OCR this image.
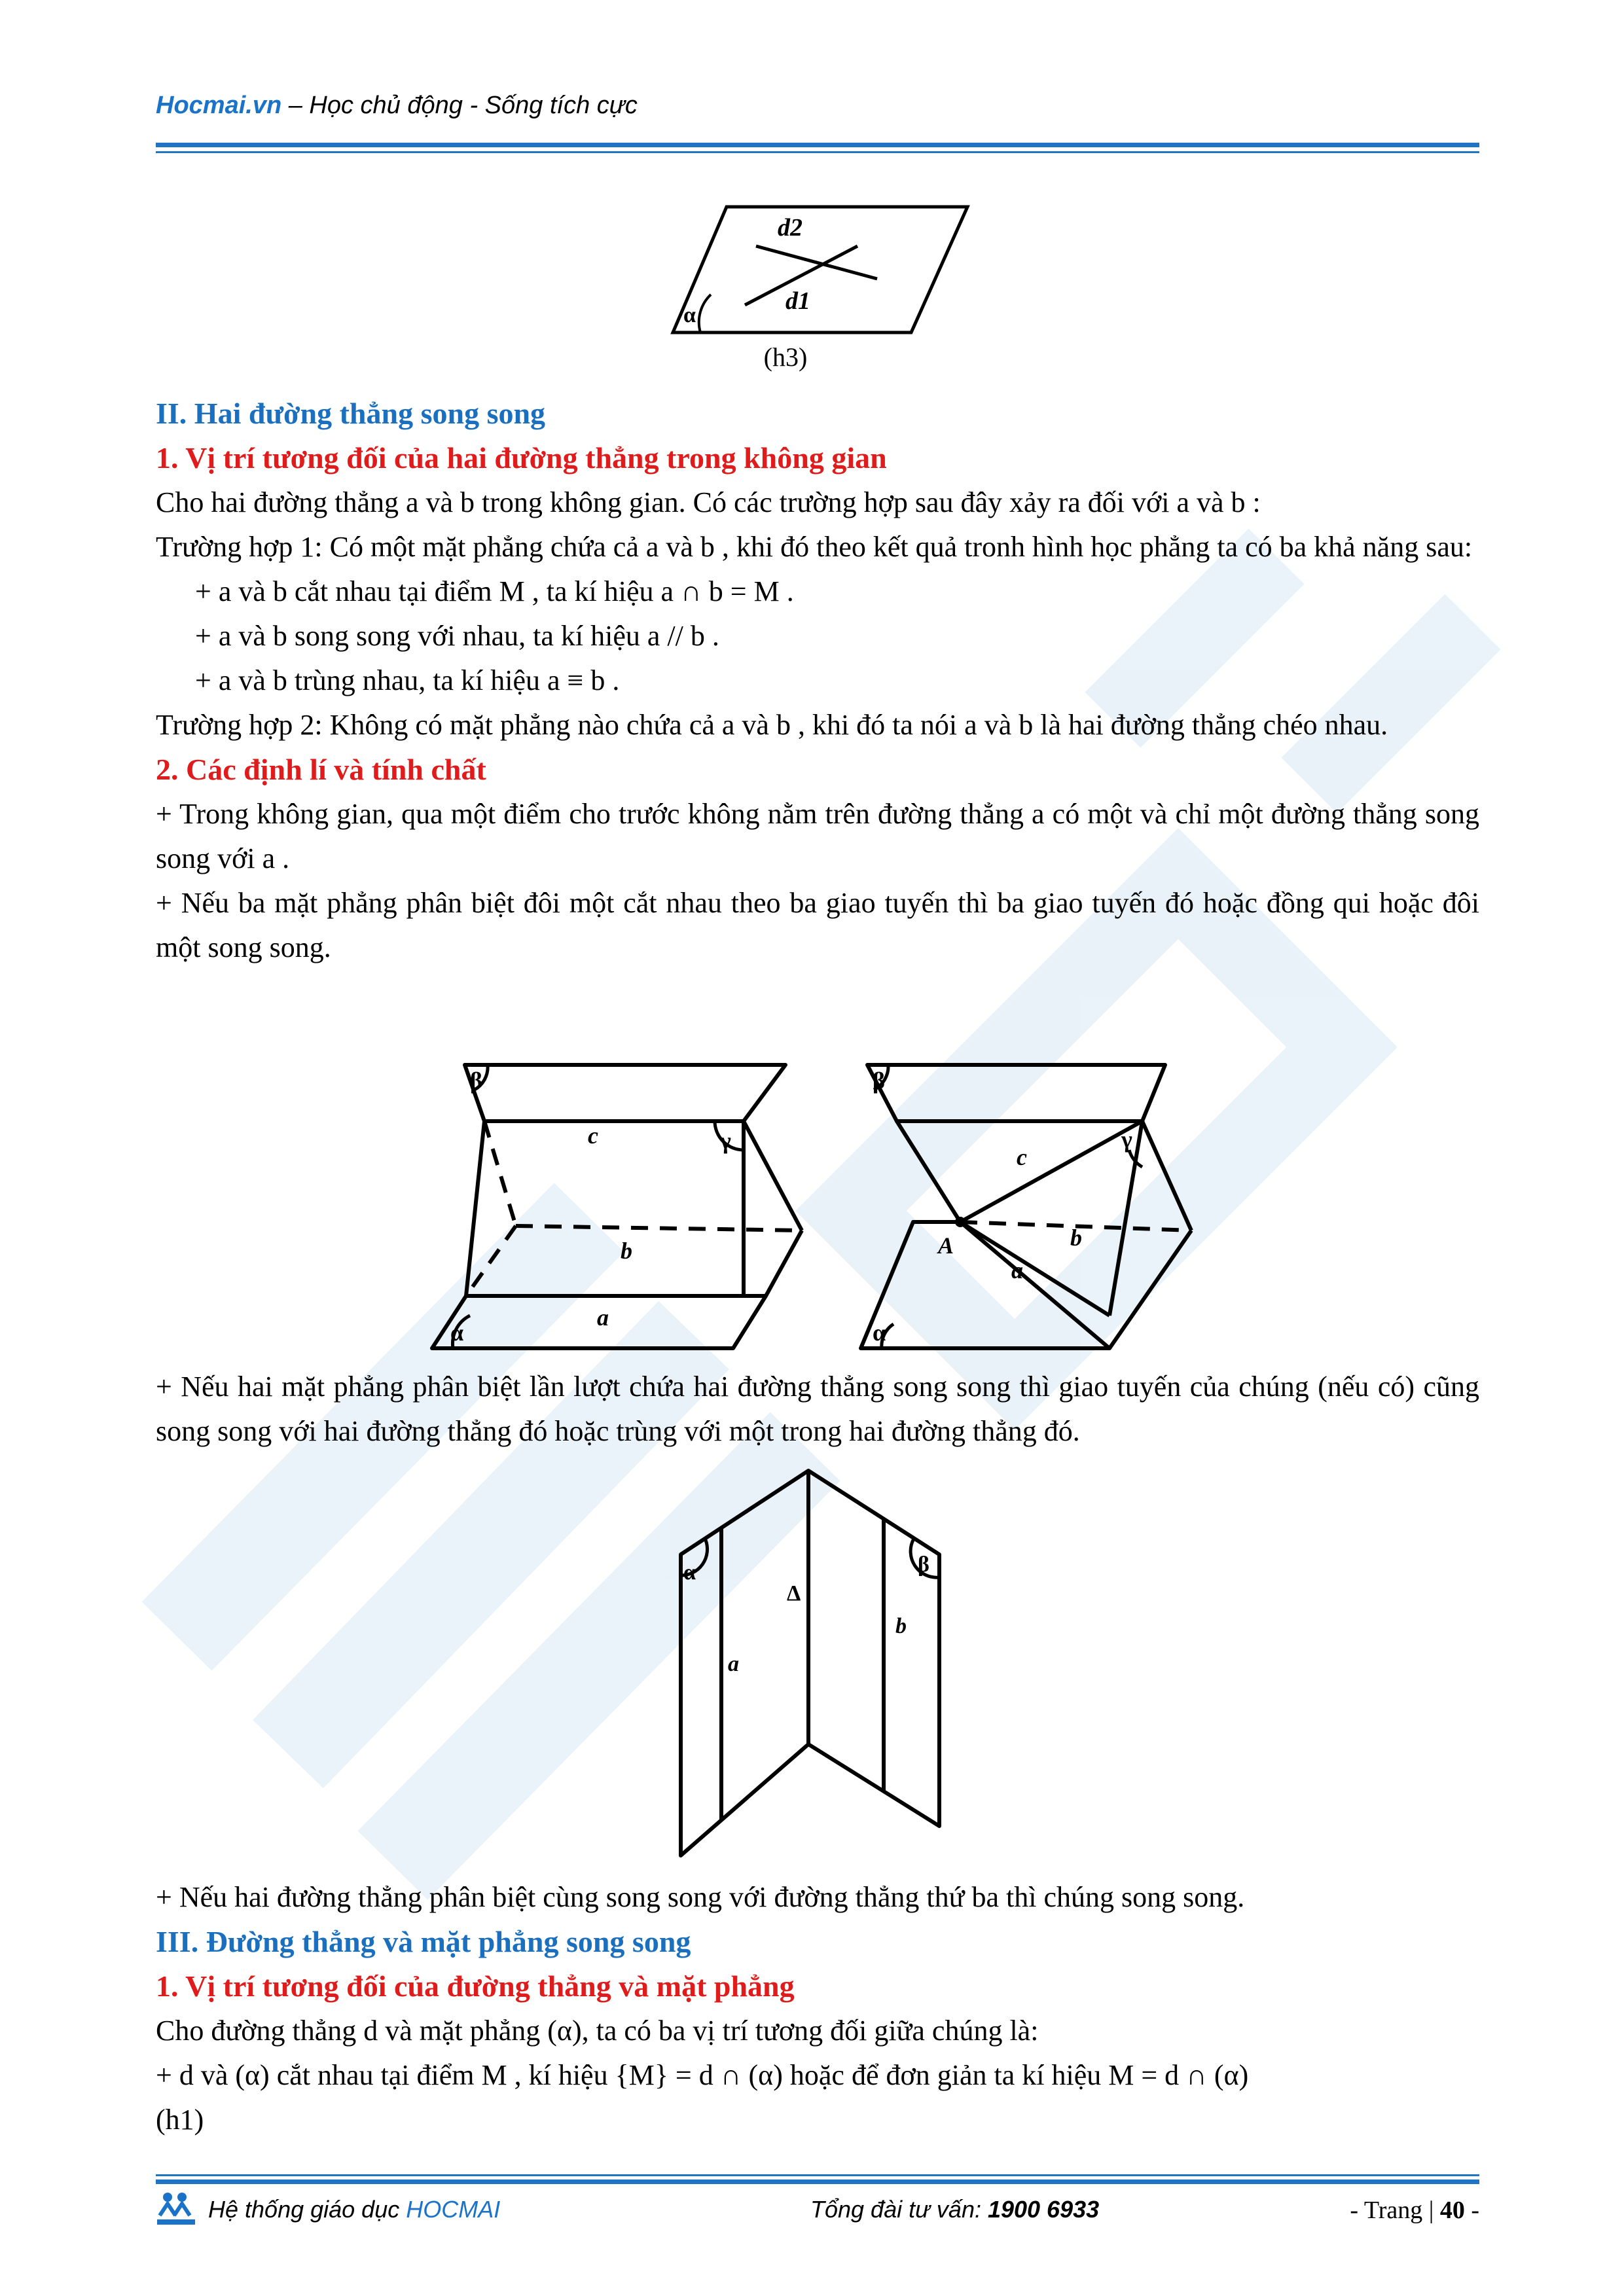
Hocmai.vn – Học chủ động - Sống tích cực
d2
d1
α
(h3)

II. Hai đường thẳng song song

1. Vị trí tương đối của hai đường thẳng trong không gian

Cho hai đường thẳng a và b trong không gian. Có các trường hợp sau đây xảy ra đối với a và b :

Trường hợp 1: Có một mặt phẳng chứa cả a và b , khi đó theo kết quả tronh hình học phẳng ta có ba khả năng sau:

+ a và b cắt nhau tại điểm M , ta kí hiệu a ∩ b = M .

+ a và b song song với nhau, ta kí hiệu a // b .

+ a và b trùng nhau, ta kí hiệu a ≡ b .

Trường hợp 2: Không có mặt phẳng nào chứa cả a và b , khi đó ta nói a và b là hai đường thẳng chéo nhau.

2. Các định lí và tính chất

+ Trong không gian, qua một điểm cho trước không nằm trên đường thẳng a có một và chỉ một đường thẳng song song với a .

+ Nếu ba mặt phẳng phân biệt đôi một cắt nhau theo ba giao tuyến thì ba giao tuyến đó hoặc đồng qui hoặc đôi một song song.

β
γ
α
c
b
a
β
γ
α
c
b
a
A

+ Nếu hai mặt phẳng phân biệt lần lượt chứa hai đường thẳng song song thì giao tuyến của chúng (nếu có) cũng song song với hai đường thẳng đó hoặc trùng với một trong hai đường thẳng đó.

α	β
Δ
a
b

+ Nếu hai đường thẳng phân biệt cùng song song với đường thẳng thứ ba thì chúng song song.

III. Đường thẳng và mặt phẳng song song

1. Vị trí tương đối của đường thẳng và mặt phẳng

Cho đường thẳng d và mặt phẳng (α), ta có ba vị trí tương đối giữa chúng là:

+ d và (α) cắt nhau tại điểm M , kí hiệu {M} = d ∩ (α) hoặc để đơn giản ta kí hiệu M = d ∩ (α)

(h1)

Hệ thống giáo dục HOCMAI	Tổng đài tư vấn: 1900 6933	- Trang | 40 -
